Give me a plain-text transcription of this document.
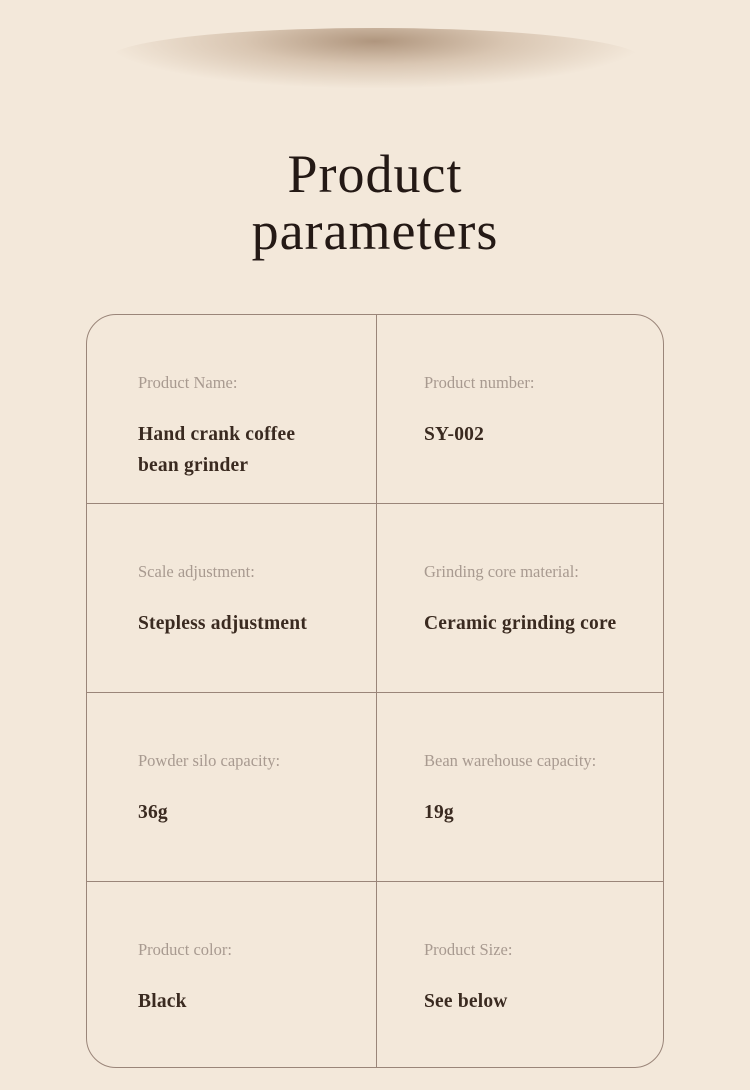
Product
parameters
Product Name:
Hand crank coffee bean grinder
Product number:
SY-002
Scale adjustment:
Stepless adjustment
Grinding core material:
Ceramic grinding core
Powder silo capacity:
36g
Bean warehouse capacity:
19g
Product color:
Black
Product Size:
See below
